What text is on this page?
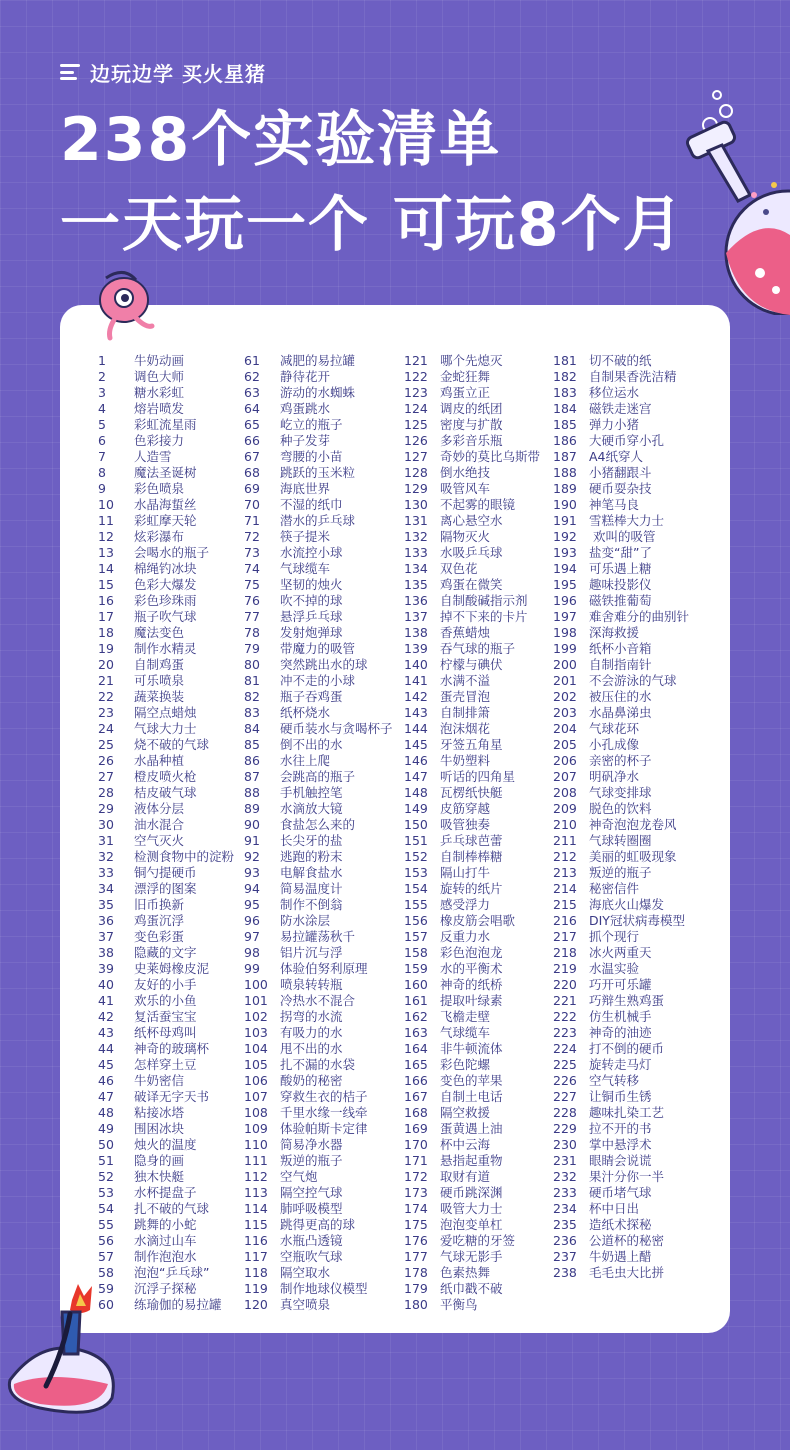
边玩边学 买火星猪
238个实验清单
一天玩一个 可玩8个月
1 牛奶动画
2 调色大师
3 糖水彩虹
4 熔岩喷发
5 彩虹流星雨
6 色彩接力
7 人造雪
8 魔法圣诞树
9 彩色喷泉
10 水晶海蜇丝
11 彩虹摩天轮
12 炫彩瀑布
13 会喝水的瓶子
14 棉绳钓冰块
15 色彩大爆发
16 彩色珍珠雨
17 瓶子吹气球
18 魔法变色
19 制作水精灵
20 自制鸡蛋
21 可乐喷泉
22 蔬菜换装
23 隔空点蜡烛
24 气球大力士
25 烧不破的气球
26 水晶种植
27 橙皮喷火枪
28 桔皮破气球
29 液体分层
30 油水混合
31 空气灭火
32 检测食物中的淀粉
33 铜勺提硬币
34 漂浮的图案
35 旧币换新
36 鸡蛋沉浮
37 变色彩蛋
38 隐藏的文字
39 史莱姆橡皮泥
40 友好的小手
41 欢乐的小鱼
42 复活蚕宝宝
43 纸杯母鸡叫
44 神奇的玻璃杯
45 怎样穿土豆
46 牛奶密信
47 破译无字天书
48 粘接冰塔
49 围困冰块
50 烛火的温度
51 隐身的画
52 独木快艇
53 水杯提盘子
54 扎不破的气球
55 跳舞的小蛇
56 水滴过山车
57 制作泡泡水
58 泡泡“乒乓球”
59 沉浮子探秘
60 练瑜伽的易拉罐
61 减肥的易拉罐
62 静待花开
63 游动的水蜘蛛
64 鸡蛋跳水
65 屹立的瓶子
66 种子发芽
67 弯腰的小苗
68 跳跃的玉米粒
69 海底世界
70 不湿的纸巾
71 潜水的乒乓球
72 筷子提米
73 水流控小球
74 气球缆车
75 坚韧的烛火
76 吹不掉的球
77 悬浮乒乓球
78 发射炮弹球
79 带魔力的吸管
80 突然跳出水的球
81 冲不走的小球
82 瓶子吞鸡蛋
83 纸杯烧水
84 硬币装水与贪喝杯子
85 倒不出的水
86 水往上爬
87 会跳高的瓶子
88 手机触控笔
89 水滴放大镜
90 食盐怎么来的
91 长尖牙的盐
92 逃跑的粉末
93 电解食盐水
94 简易温度计
95 制作不倒翁
96 防水涂层
97 易拉罐荡秋千
98 铝片沉与浮
99 体验伯努利原理
100 喷泉转转瓶
101 冷热水不混合
102 拐弯的水流
103 有吸力的水
104 甩不出的水
105 扎不漏的水袋
106 酸奶的秘密
107 穿救生衣的桔子
108 千里水缘一线牵
109 体验帕斯卡定律
110 简易净水器
111 叛逆的瓶子
112 空气炮
113 隔空控气球
114 肺呼吸模型
115 跳得更高的球
116 水瓶凸透镜
117 空瓶吹气球
118 隔空取水
119 制作地球仪模型
120 真空喷泉
121 哪个先熄灭
122 金蛇狂舞
123 鸡蛋立正
124 调皮的纸团
125 密度与扩散
126 多彩音乐瓶
127 奇妙的莫比乌斯带
128 倒水绝技
129 吸管风车
130 不起雾的眼镜
131 离心悬空水
132 隔物灭火
133 水吸乒乓球
134 双色花
135 鸡蛋在微笑
136 自制酸碱指示剂
137 掉不下来的卡片
138 香蕉蜡烛
139 吞气球的瓶子
140 柠檬与碘伏
141 水满不溢
142 蛋壳冒泡
143 自制排箫
144 泡沫烟花
145 牙签五角星
146 牛奶塑料
147 听话的四角星
148 瓦楞纸快艇
149 皮筋穿越
150 吸管独奏
151 乒乓球芭蕾
152 自制棒棒糖
153 隔山打牛
154 旋转的纸片
155 感受浮力
156 橡皮筋会唱歌
157 反重力水
158 彩色泡泡龙
159 水的平衡术
160 神奇的纸桥
161 提取叶绿素
162 飞檐走壁
163 气球缆车
164 非牛顿流体
165 彩色陀螺
166 变色的苹果
167 自制土电话
168 隔空救援
169 蛋黄遇上油
170 杯中云海
171 悬指起重物
172 取财有道
173 硬币跳深渊
174 吸管大力士
175 泡泡变单杠
176 爱吃糖的牙签
177 气球无影手
178 色素热舞
179 纸巾戳不破
180 平衡鸟
181 切不破的纸
182 自制果香洗洁精
183 移位运水
184 磁铁走迷宫
185 弹力小猪
186 大硬币穿小孔
187 A4纸穿人
188 小猪翻跟斗
189 硬币耍杂技
190 神笔马良
191 雪糕棒大力士
192 欢叫的吸管
193 盐变“甜”了
194 可乐遇上糖
195 趣味投影仪
196 磁铁推葡萄
197 难舍难分的曲别针
198 深海救援
199 纸杯小音箱
200 自制指南针
201 不会游泳的气球
202 被压住的水
203 水晶鼻涕虫
204 气球花环
205 小孔成像
206 亲密的杯子
207 明矾净水
208 气球变排球
209 脱色的饮料
210 神奇泡泡龙卷风
211 气球转圈圈
212 美丽的虹吸现象
213 叛逆的瓶子
214 秘密信件
215 海底火山爆发
216 DIY冠状病毒模型
217 抓个现行
218 冰火两重天
219 水温实验
220 巧开可乐罐
221 巧辩生熟鸡蛋
222 仿生机械手
223 神奇的油迹
224 打不倒的硬币
225 旋转走马灯
226 空气转移
227 让铜币生锈
228 趣味扎染工艺
229 拉不开的书
230 掌中悬浮术
231 眼睛会说谎
232 果汁分你一半
233 硬币堵气球
234 杯中日出
235 造纸术探秘
236 公道杯的秘密
237 牛奶遇上醋
238 毛毛虫大比拼
